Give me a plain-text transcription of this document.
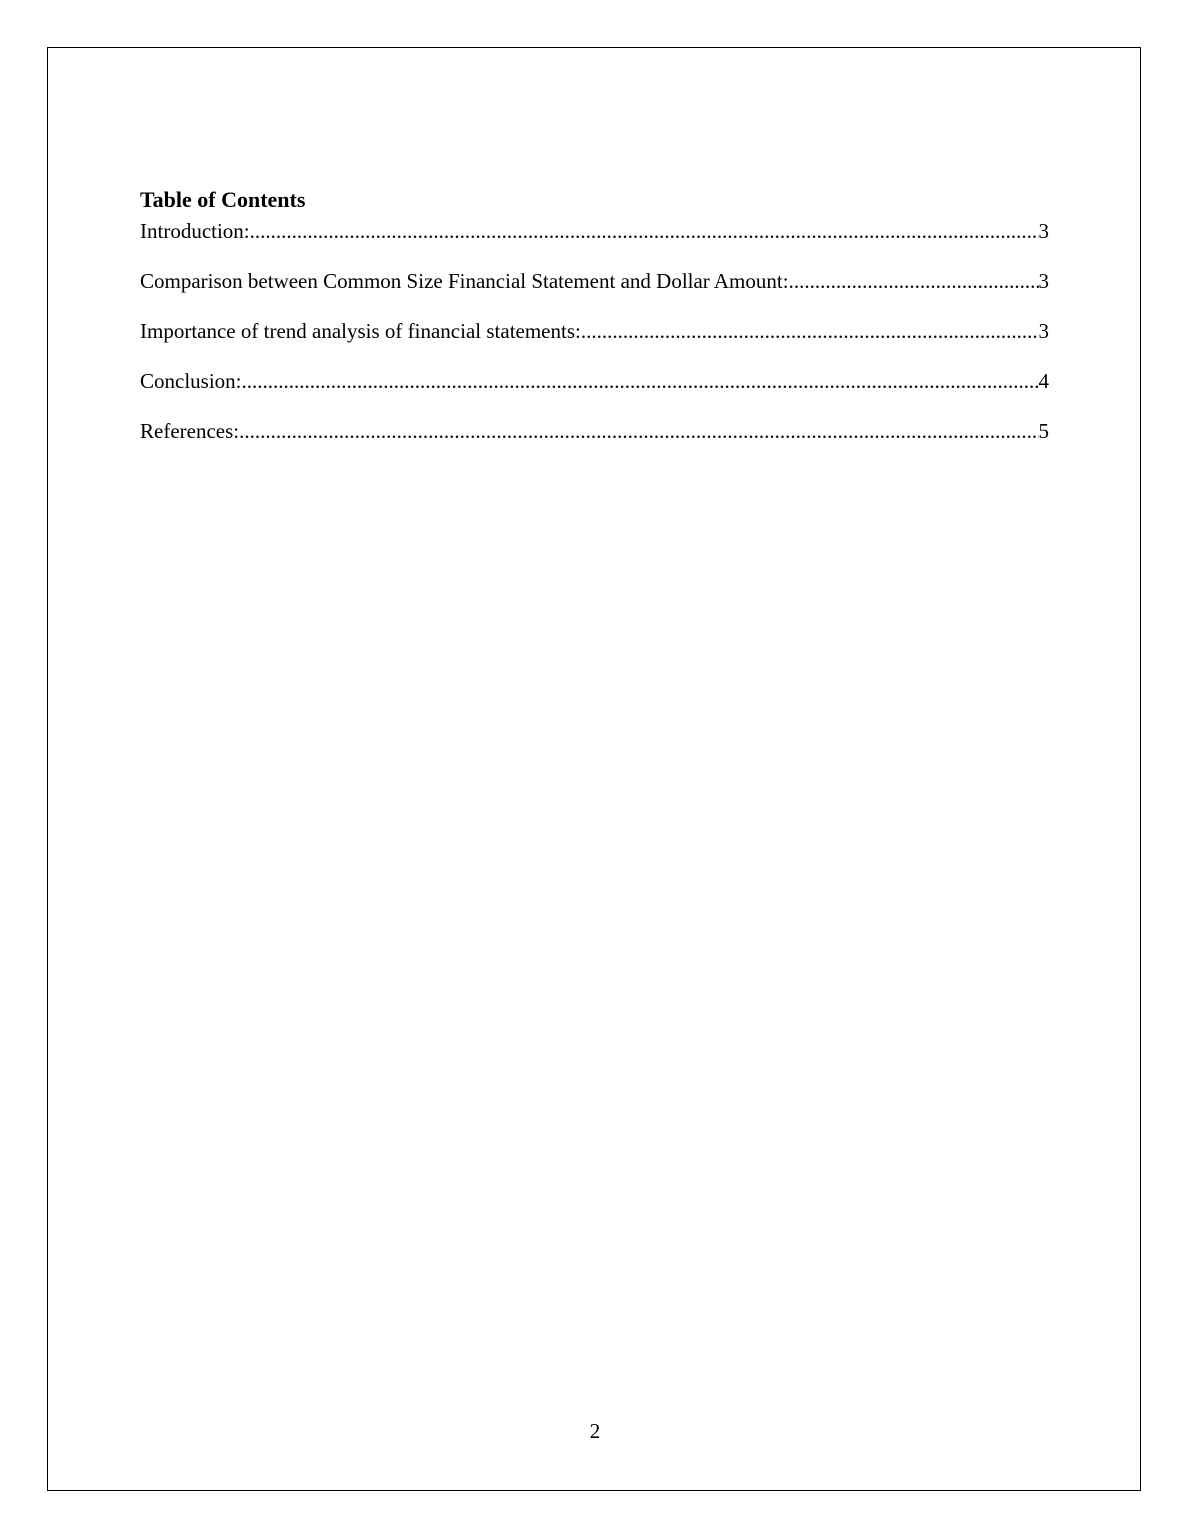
Table of Contents

Introduction: .....	3
Comparison between Common Size Financial Statement and Dollar Amount: .....	3
Importance of trend analysis of financial statements: .....	3
Conclusion: .....	4
References: .....	5
2
